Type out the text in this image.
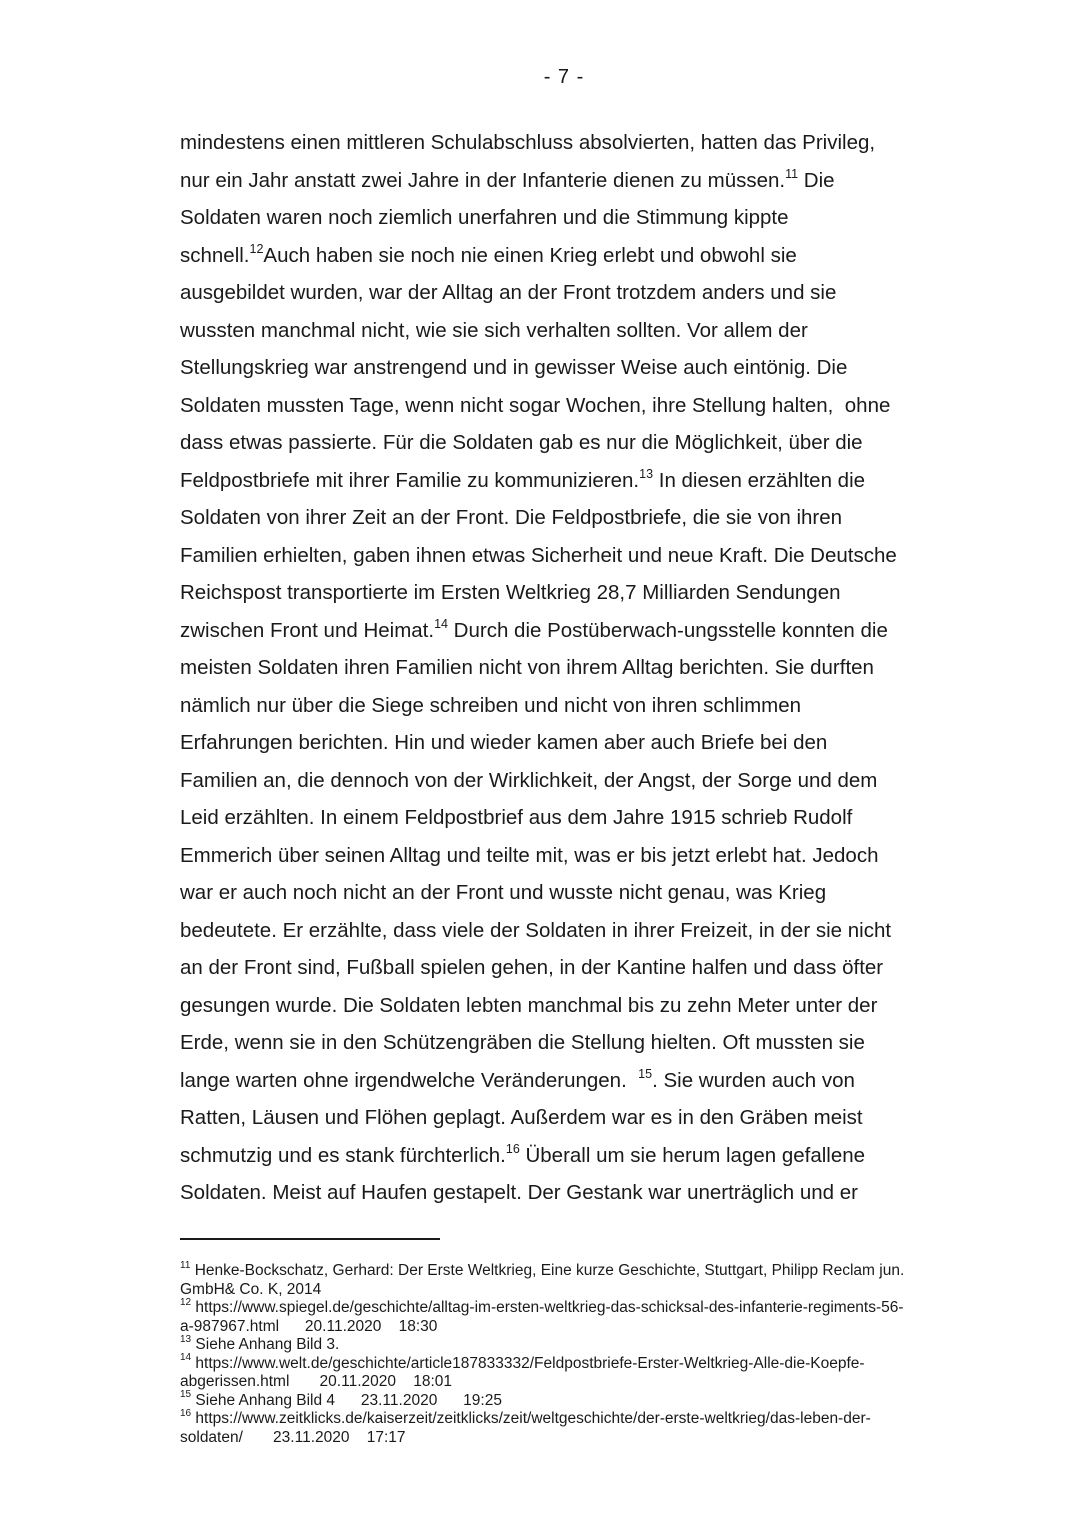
- 7 -
mindestens einen mittleren Schulabschluss absolvierten, hatten das Privileg,
nur ein Jahr anstatt zwei Jahre in der Infanterie dienen zu müssen.$^{11}$ Die
Soldaten waren noch ziemlich unerfahren und die Stimmung kippte
schnell.$^{12}$Auch haben sie noch nie einen Krieg erlebt und obwohl sie
ausgebildet wurden, war der Alltag an der Front trotzdem anders und sie
wussten manchmal nicht, wie sie sich verhalten sollten. Vor allem der
Stellungskrieg war anstrengend und in gewisser Weise auch eintönig. Die
Soldaten mussten Tage, wenn nicht sogar Wochen, ihre Stellung halten,  ohne
dass etwas passierte. Für die Soldaten gab es nur die Möglichkeit, über die
Feldpostbriefe mit ihrer Familie zu kommunizieren.$^{13}$ In diesen erzählten die
Soldaten von ihrer Zeit an der Front. Die Feldpostbriefe, die sie von ihren
Familien erhielten, gaben ihnen etwas Sicherheit und neue Kraft. Die Deutsche
Reichspost transportierte im Ersten Weltkrieg 28,7 Milliarden Sendungen
zwischen Front und Heimat.$^{14}$ Durch die Postüberwach-ungsstelle konnten die
meisten Soldaten ihren Familien nicht von ihrem Alltag berichten. Sie durften
nämlich nur über die Siege schreiben und nicht von ihren schlimmen
Erfahrungen berichten. Hin und wieder kamen aber auch Briefe bei den
Familien an, die dennoch von der Wirklichkeit, der Angst, der Sorge und dem
Leid erzählten. In einem Feldpostbrief aus dem Jahre 1915 schrieb Rudolf
Emmerich über seinen Alltag und teilte mit, was er bis jetzt erlebt hat. Jedoch
war er auch noch nicht an der Front und wusste nicht genau, was Krieg
bedeutete. Er erzählte, dass viele der Soldaten in ihrer Freizeit, in der sie nicht
an der Front sind, Fußball spielen gehen, in der Kantine halfen und dass öfter
gesungen wurde. Die Soldaten lebten manchmal bis zu zehn Meter unter der
Erde, wenn sie in den Schützengräben die Stellung hielten. Oft mussten sie
lange warten ohne irgendwelche Veränderungen.  $^{15}$. Sie wurden auch von
Ratten, Läusen und Flöhen geplagt. Außerdem war es in den Gräben meist
schmutzig und es stank fürchterlich.$^{16}$ Überall um sie herum lagen gefallene
Soldaten. Meist auf Haufen gestapelt. Der Gestank war unerträglich und er
$^{11}$ Henke-Bockschatz, Gerhard: Der Erste Weltkrieg, Eine kurze Geschichte, Stuttgart, Philipp Reclam jun.
GmbH& Co. K, 2014
$^{12}$ https://www.spiegel.de/geschichte/alltag-im-ersten-weltkrieg-das-schicksal-des-infanterie-regiments-56-
a-987967.html      20.11.2020    18:30
$^{13}$ Siehe Anhang Bild 3.
$^{14}$ https://www.welt.de/geschichte/article187833332/Feldpostbriefe-Erster-Weltkrieg-Alle-die-Koepfe-
abgerissen.html       20.11.2020    18:01
$^{15}$ Siehe Anhang Bild 4      23.11.2020      19:25
$^{16}$ https://www.zeitklicks.de/kaiserzeit/zeitklicks/zeit/weltgeschichte/der-erste-weltkrieg/das-leben-der-
soldaten/       23.11.2020    17:17
